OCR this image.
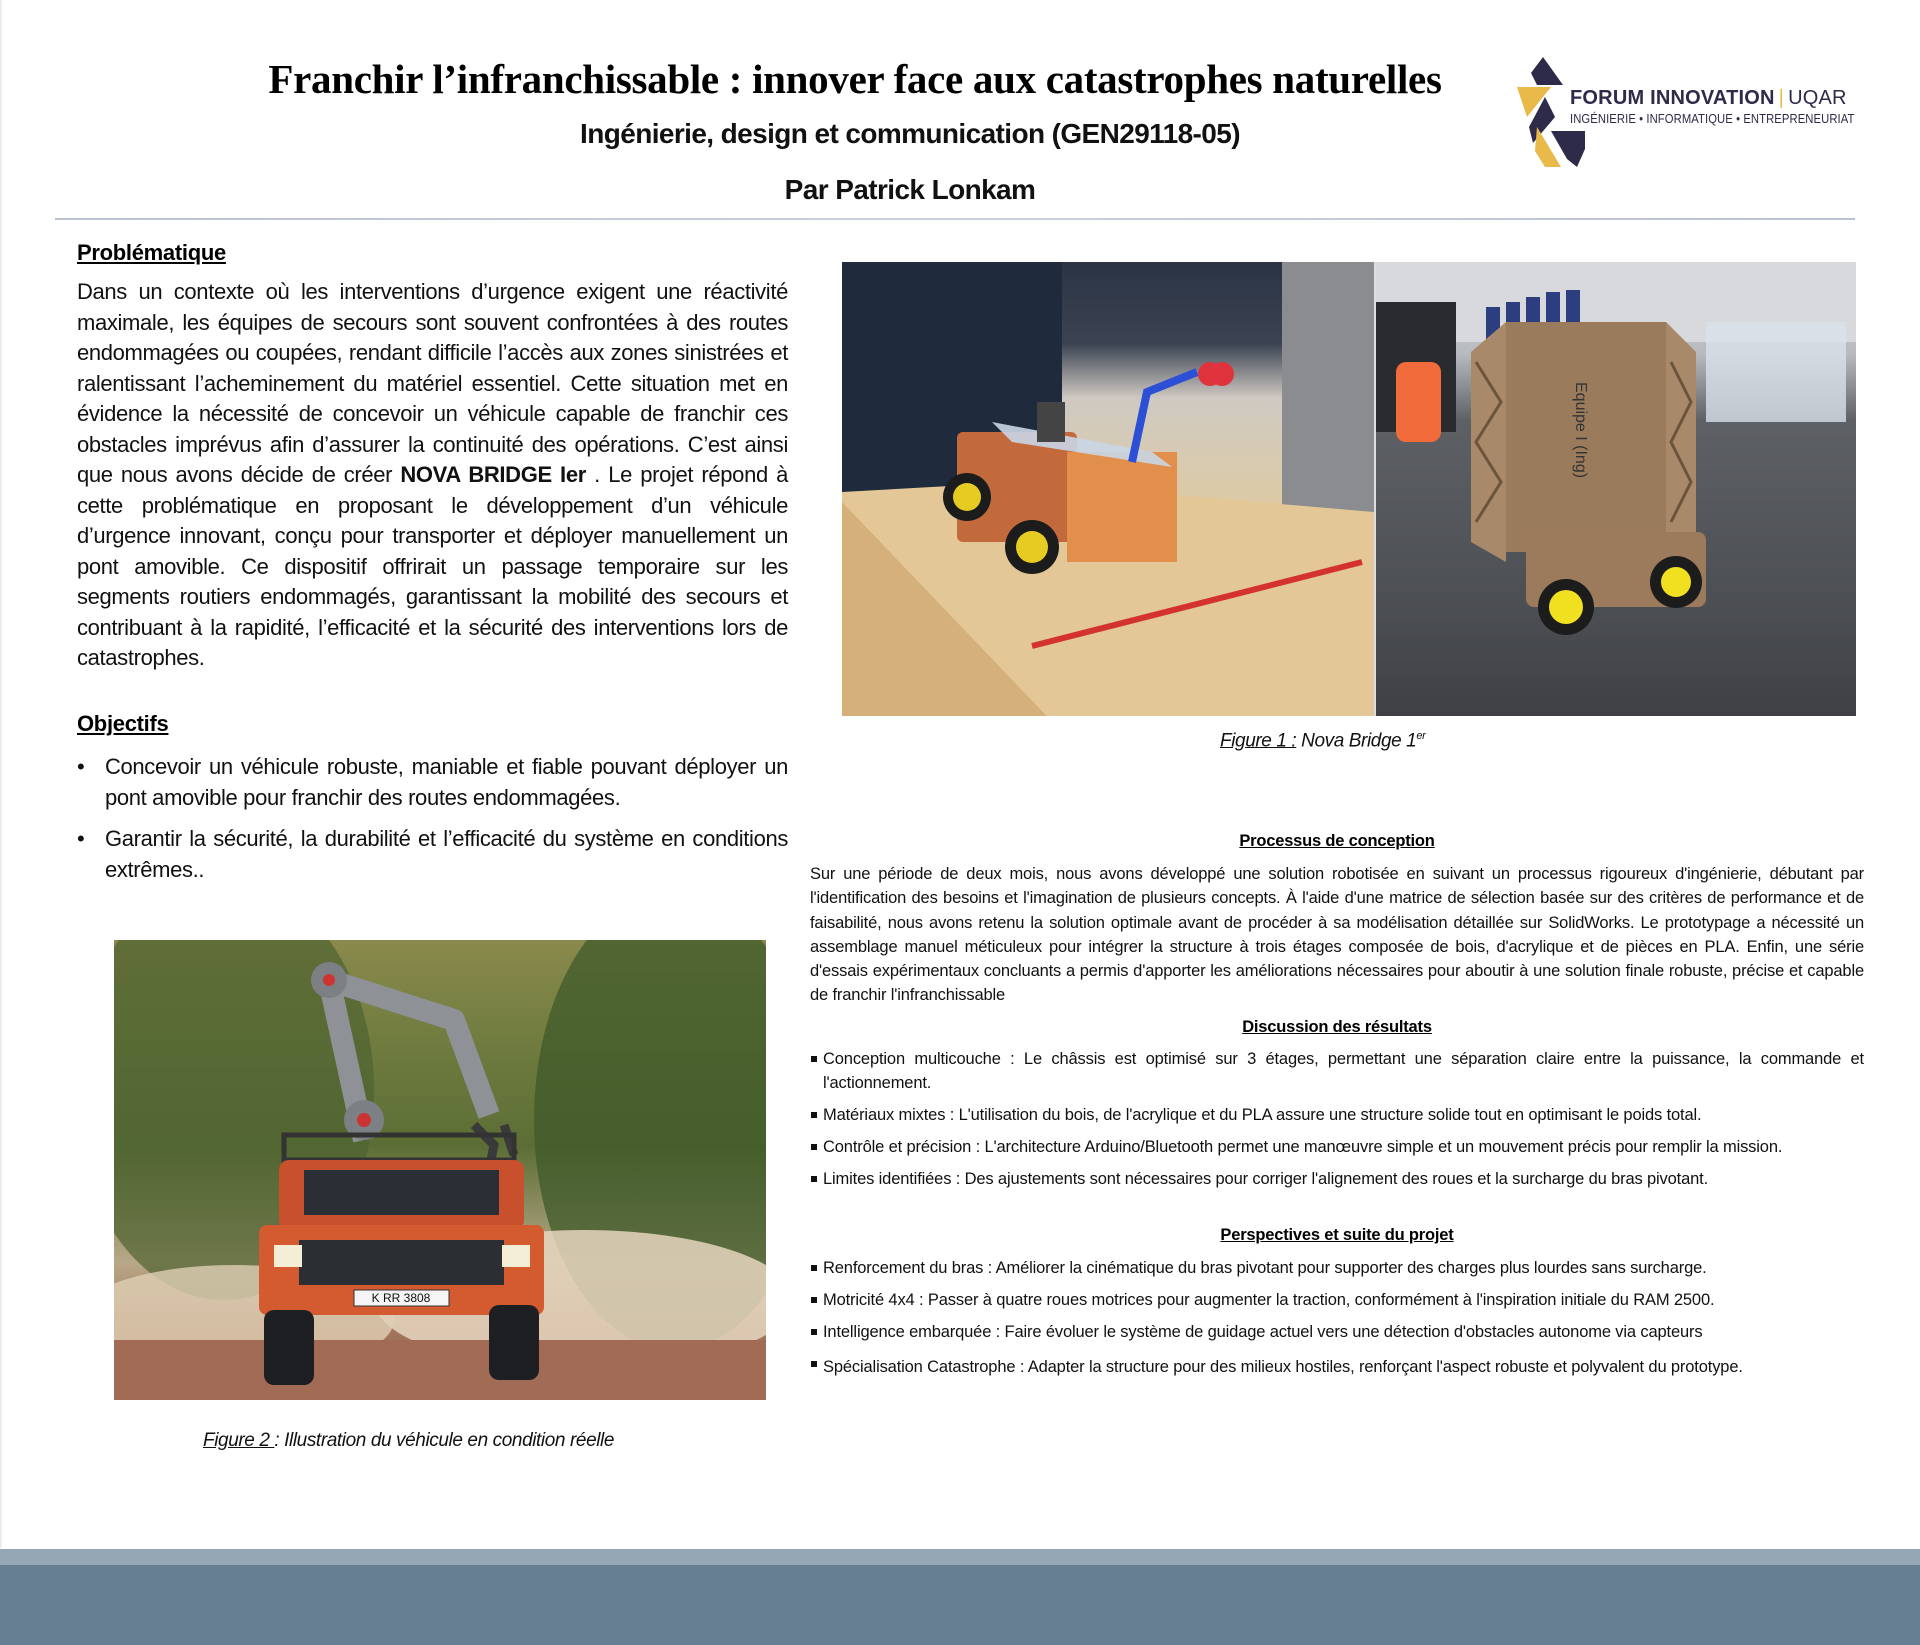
Franchir l’infranchissable : innover face aux catastrophes naturelles
Ingénierie, design et communication (GEN29118-05)
Par Patrick Lonkam
FORUM INNOVATION | UQAR
INGÉNIERIE • INFORMATIQUE • ENTREPRENEURIAT
Problématique

Dans un contexte où les interventions d’urgence exigent une réactivité maximale, les équipes de secours sont souvent confrontées à des routes endommagées ou coupées, rendant difficile l’accès aux zones sinistrées et ralentissant l’acheminement du matériel essentiel. Cette situation met en évidence la nécessité de concevoir un véhicule capable de franchir ces obstacles imprévus afin d’assurer la continuité des opérations. C’est ainsi que nous avons décide de créer NOVA BRIDGE Ier . Le projet répond à cette problématique en proposant le développement d’un véhicule d’urgence innovant, conçu pour transporter et déployer manuellement un pont amovible. Ce dispositif offrirait un passage temporaire sur les segments routiers endommagés, garantissant la mobilité des secours et contribuant à la rapidité, l’efficacité et la sécurité des interventions lors de catastrophes.

Objectifs
• Concevoir un véhicule robuste, maniable et fiable pouvant déployer un pont amovible pour franchir des routes endommagées.
• Garantir la sécurité, la durabilité et l’efficacité du système en conditions extrêmes..
K RR 3808
Figure 2 : Illustration du véhicule en condition réelle
Equipe I (Ing)
Figure 1 : Nova Bridge 1er
Processus de conception

Sur une période de deux mois, nous avons développé une solution robotisée en suivant un processus rigoureux d'ingénierie, débutant par l'identification des besoins et l'imagination de plusieurs concepts. À l'aide d'une matrice de sélection basée sur des critères de performance et de faisabilité, nous avons retenu la solution optimale avant de procéder à sa modélisation détaillée sur SolidWorks. Le prototypage a nécessité un assemblage manuel méticuleux pour intégrer la structure à trois étages composée de bois, d'acrylique et de pièces en PLA. Enfin, une série d'essais expérimentaux concluants a permis d'apporter les améliorations nécessaires pour aboutir à une solution finale robuste, précise et capable de franchir l'infranchissable

Discussion des résultats
Conception multicouche : Le châssis est optimisé sur 3 étages, permettant une séparation claire entre la puissance, la commande et l'actionnement.
Matériaux mixtes : L'utilisation du bois, de l'acrylique et du PLA assure une structure solide tout en optimisant le poids total.
Contrôle et précision : L'architecture Arduino/Bluetooth permet une manœuvre simple et un mouvement précis pour remplir la mission.
Limites identifiées : Des ajustements sont nécessaires pour corriger l'alignement des roues et la surcharge du bras pivotant.
Perspectives et suite du projet
Renforcement du bras : Améliorer la cinématique du bras pivotant pour supporter des charges plus lourdes sans surcharge.
Motricité 4x4 : Passer à quatre roues motrices pour augmenter la traction, conformément à l'inspiration initiale du RAM 2500.
Intelligence embarquée : Faire évoluer le système de guidage actuel vers une détection d'obstacles autonome via capteurs
Spécialisation Catastrophe : Adapter la structure pour des milieux hostiles, renforçant l'aspect robuste et polyvalent du prototype.
